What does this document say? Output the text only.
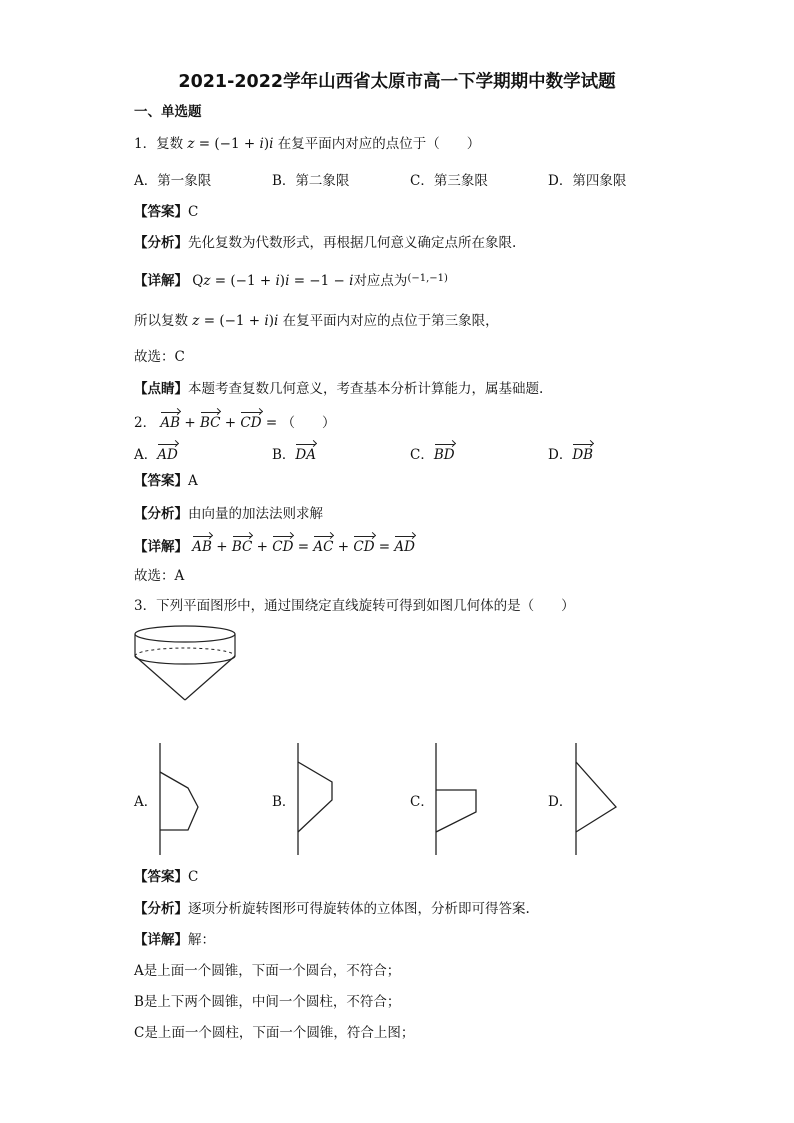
2021-2022学年山西省太原市高一下学期期中数学试题
一、单选题
1．复数 z = (−1 + i)i 在复平面内对应的点位于（　　）
A．第一象限	B．第二象限	C．第三象限	D．第四象限
【答案】C
【分析】先化复数为代数形式，再根据几何意义确定点所在象限.
【详解】 Qz = (−1 + i)i = −1 − i对应点为$^{(-1,-1)}$
所以复数 z = (−1 + i)i 在复平面内对应的点位于第三象限，
故选：C
【点睛】本题考查复数几何意义，考查基本分析计算能力，属基础题.
2． AB + BC + CD = （　　）
A．AD	B．DA	C．BD	D．DB
【答案】A
【分析】由向量的加法法则求解
【详解】 AB + BC + CD = AC + CD = AD
故选：A
3．下列平面图形中，通过围绕定直线旋转可得到如图几何体的是（　　）
A．	B．	C．	D．
【答案】C
【分析】逐项分析旋转图形可得旋转体的立体图，分析即可得答案.
【详解】解：
A是上面一个圆锥，下面一个圆台，不符合；
B是上下两个圆锥，中间一个圆柱，不符合；
C是上面一个圆柱，下面一个圆锥，符合上图；
